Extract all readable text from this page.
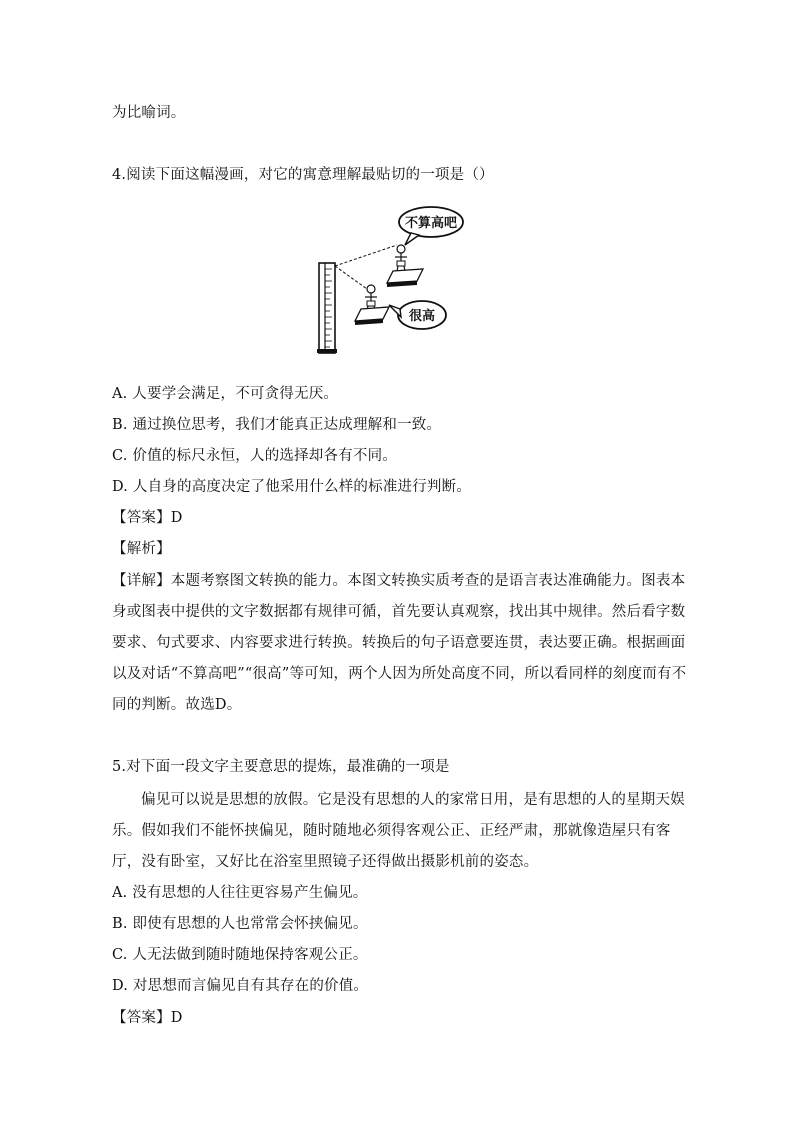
为比喻词。
4.阅读下面这幅漫画，对它的寓意理解最贴切的一项是（）
不算高吧
很高
A. 人要学会满足，不可贪得无厌。
B. 通过换位思考，我们才能真正达成理解和一致。
C. 价值的标尺永恒，人的选择却各有不同。
D. 人自身的高度决定了他采用什么样的标准进行判断。
【答案】D
【解析】
【详解】本题考察图文转换的能力。本图文转换实质考查的是语言表达准确能力。图表本身或图表中提供的文字数据都有规律可循，首先要认真观察，找出其中规律。然后看字数要求、句式要求、内容要求进行转换。转换后的句子语意要连贯，表达要正确。根据画面以及对话“不算高吧”“很高”等可知，两个人因为所处高度不同，所以看同样的刻度而有不同的判断。故选D。
5.对下面一段文字主要意思的提炼，最准确的一项是
偏见可以说是思想的放假。它是没有思想的人的家常日用，是有思想的人的星期天娱乐。假如我们不能怀挟偏见，随时随地必须得客观公正、正经严肃，那就像造屋只有客厅，没有卧室，又好比在浴室里照镜子还得做出摄影机前的姿态。
A. 没有思想的人往往更容易产生偏见。
B. 即使有思想的人也常常会怀挟偏见。
C. 人无法做到随时随地保持客观公正。
D. 对思想而言偏见自有其存在的价值。
【答案】D
